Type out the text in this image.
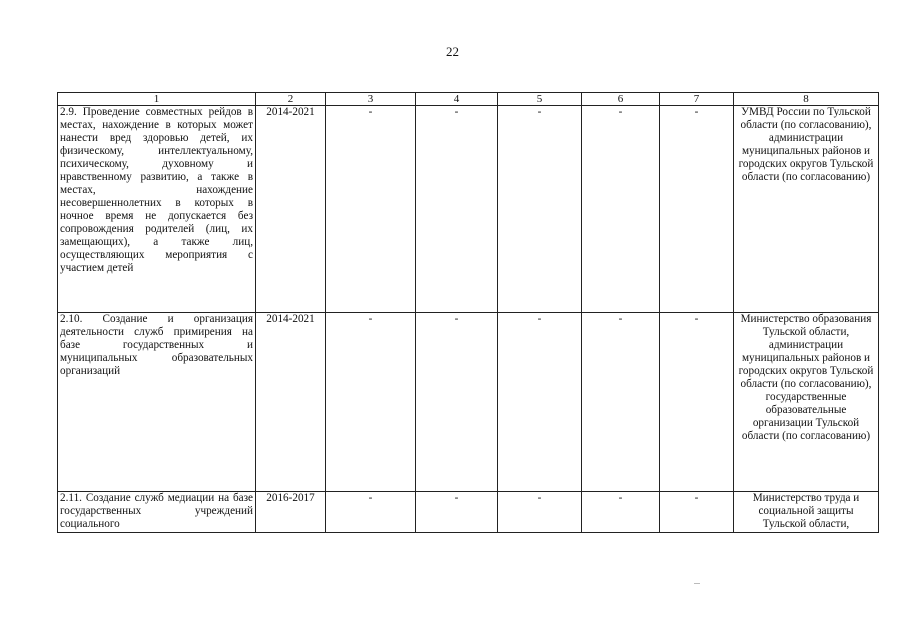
22
1	2	3	4	5	6	7	8
2.9. Проведение совместных рейдов в местах, нахождение в которых может нанести вред здоровью детей, их физическому, интеллектуальному, психическому, духовному и нравственному развитию, а также в местах, нахождение несовершеннолетних в которых в ночное время не допускается без сопровождения родителей (лиц, их замещающих), а также лиц, осуществляющих мероприятия с участием детей	2014-2021	-	-	-	-	-	УМВД России по Тульской области (по согласованию), администрации муниципальных районов и городских округов Тульской области (по согласованию)
2.10. Создание и организация деятельности служб примирения на базе государственных и муниципальных образовательных организаций	2014-2021	-	-	-	-	-	Министерство образования Тульской области, администрации муниципальных районов и городских округов Тульской области (по согласованию), государственные образовательные организации Тульской области (по согласованию)
2.11. Создание служб медиации на базе государственных учреждений социального	2016-2017	-	-	-	-	-	Министерство труда и социальной защиты Тульской области,
